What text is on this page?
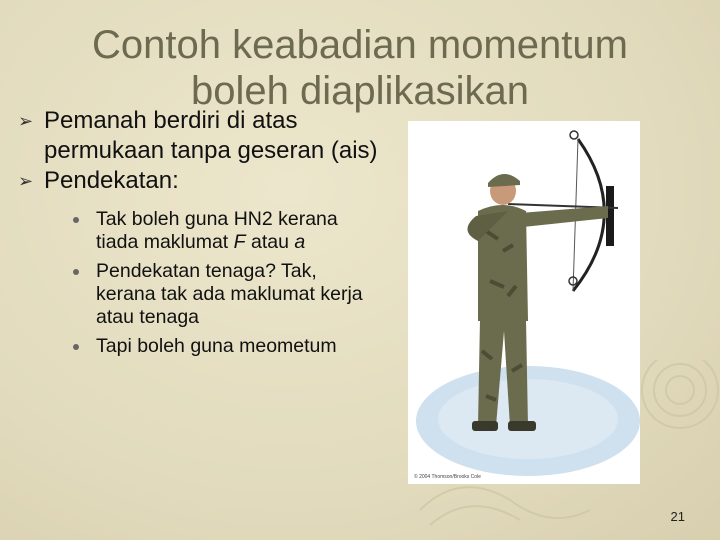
Contoh keabadian momentum boleh diaplikasikan
➢ Pemanah berdiri di atas permukaan tanpa geseran (ais)
➢ Pendekatan:
Tak boleh guna HN2 kerana tiada maklumat F atau a
Pendekatan tenaga? Tak, kerana tak ada maklumat kerja atau tenaga
Tapi boleh guna meometum
© 2004 Thomson/Brooks Cole
21
